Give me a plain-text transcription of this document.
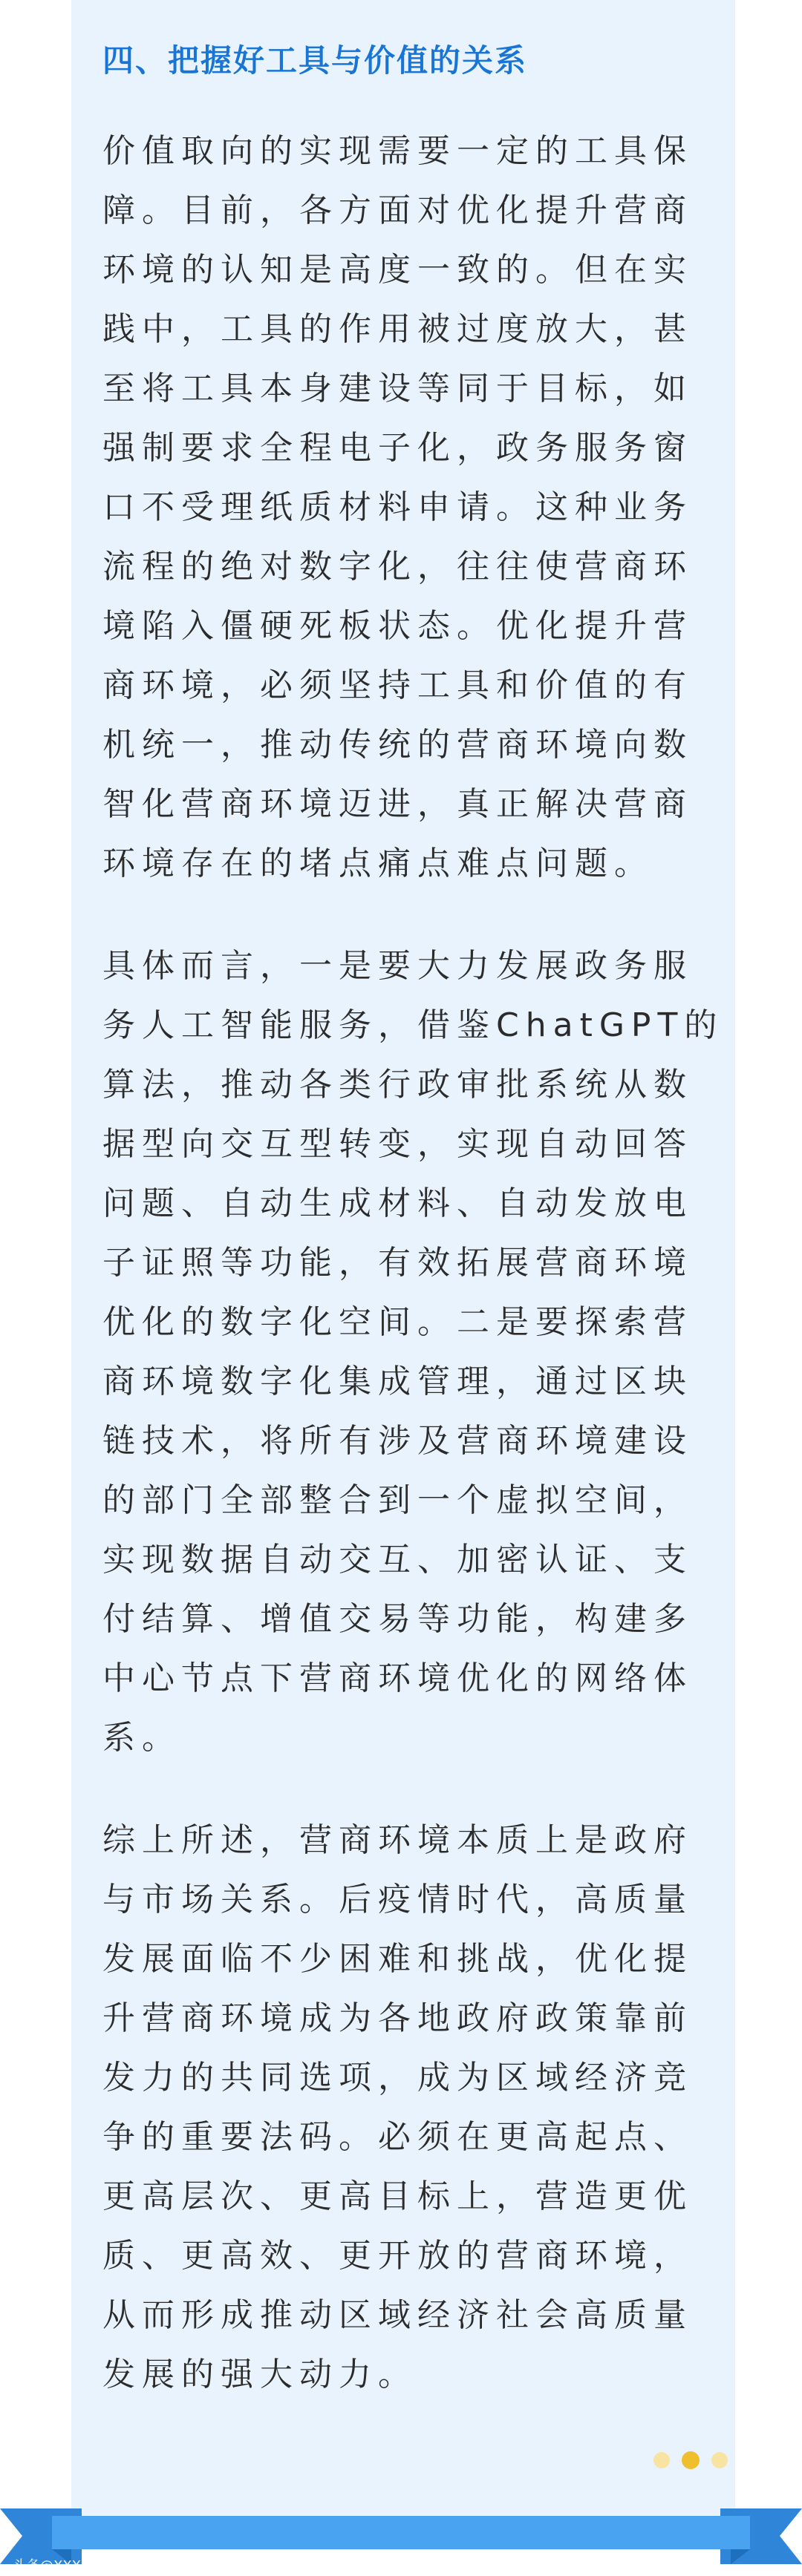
四、把握好工具与价值的关系
价值取向的实现需要一定的工具保
障。目前，各方面对优化提升营商
环境的认知是高度一致的。但在实
践中，工具的作用被过度放大，甚
至将工具本身建设等同于目标，如
强制要求全程电子化，政务服务窗
口不受理纸质材料申请。这种业务
流程的绝对数字化，往往使营商环
境陷入僵硬死板状态。优化提升营
商环境，必须坚持工具和价值的有
机统一，推动传统的营商环境向数
智化营商环境迈进，真正解决营商
环境存在的堵点痛点难点问题。
具体而言，一是要大力发展政务服
务人工智能服务，借鉴ChatGPT的
算法，推动各类行政审批系统从数
据型向交互型转变，实现自动回答
问题、自动生成材料、自动发放电
子证照等功能，有效拓展营商环境
优化的数字化空间。二是要探索营
商环境数字化集成管理，通过区块
链技术，将所有涉及营商环境建设
的部门全部整合到一个虚拟空间，
实现数据自动交互、加密认证、支
付结算、增值交易等功能，构建多
中心节点下营商环境优化的网络体
系。
综上所述，营商环境本质上是政府
与市场关系。后疫情时代，高质量
发展面临不少困难和挑战，优化提
升营商环境成为各地政府政策靠前
发力的共同选项，成为区域经济竞
争的重要法码。必须在更高起点、
更高层次、更高目标上，营造更优
质、更高效、更开放的营商环境，
从而形成推动区域经济社会高质量
发展的强大动力。
头条@XXX
